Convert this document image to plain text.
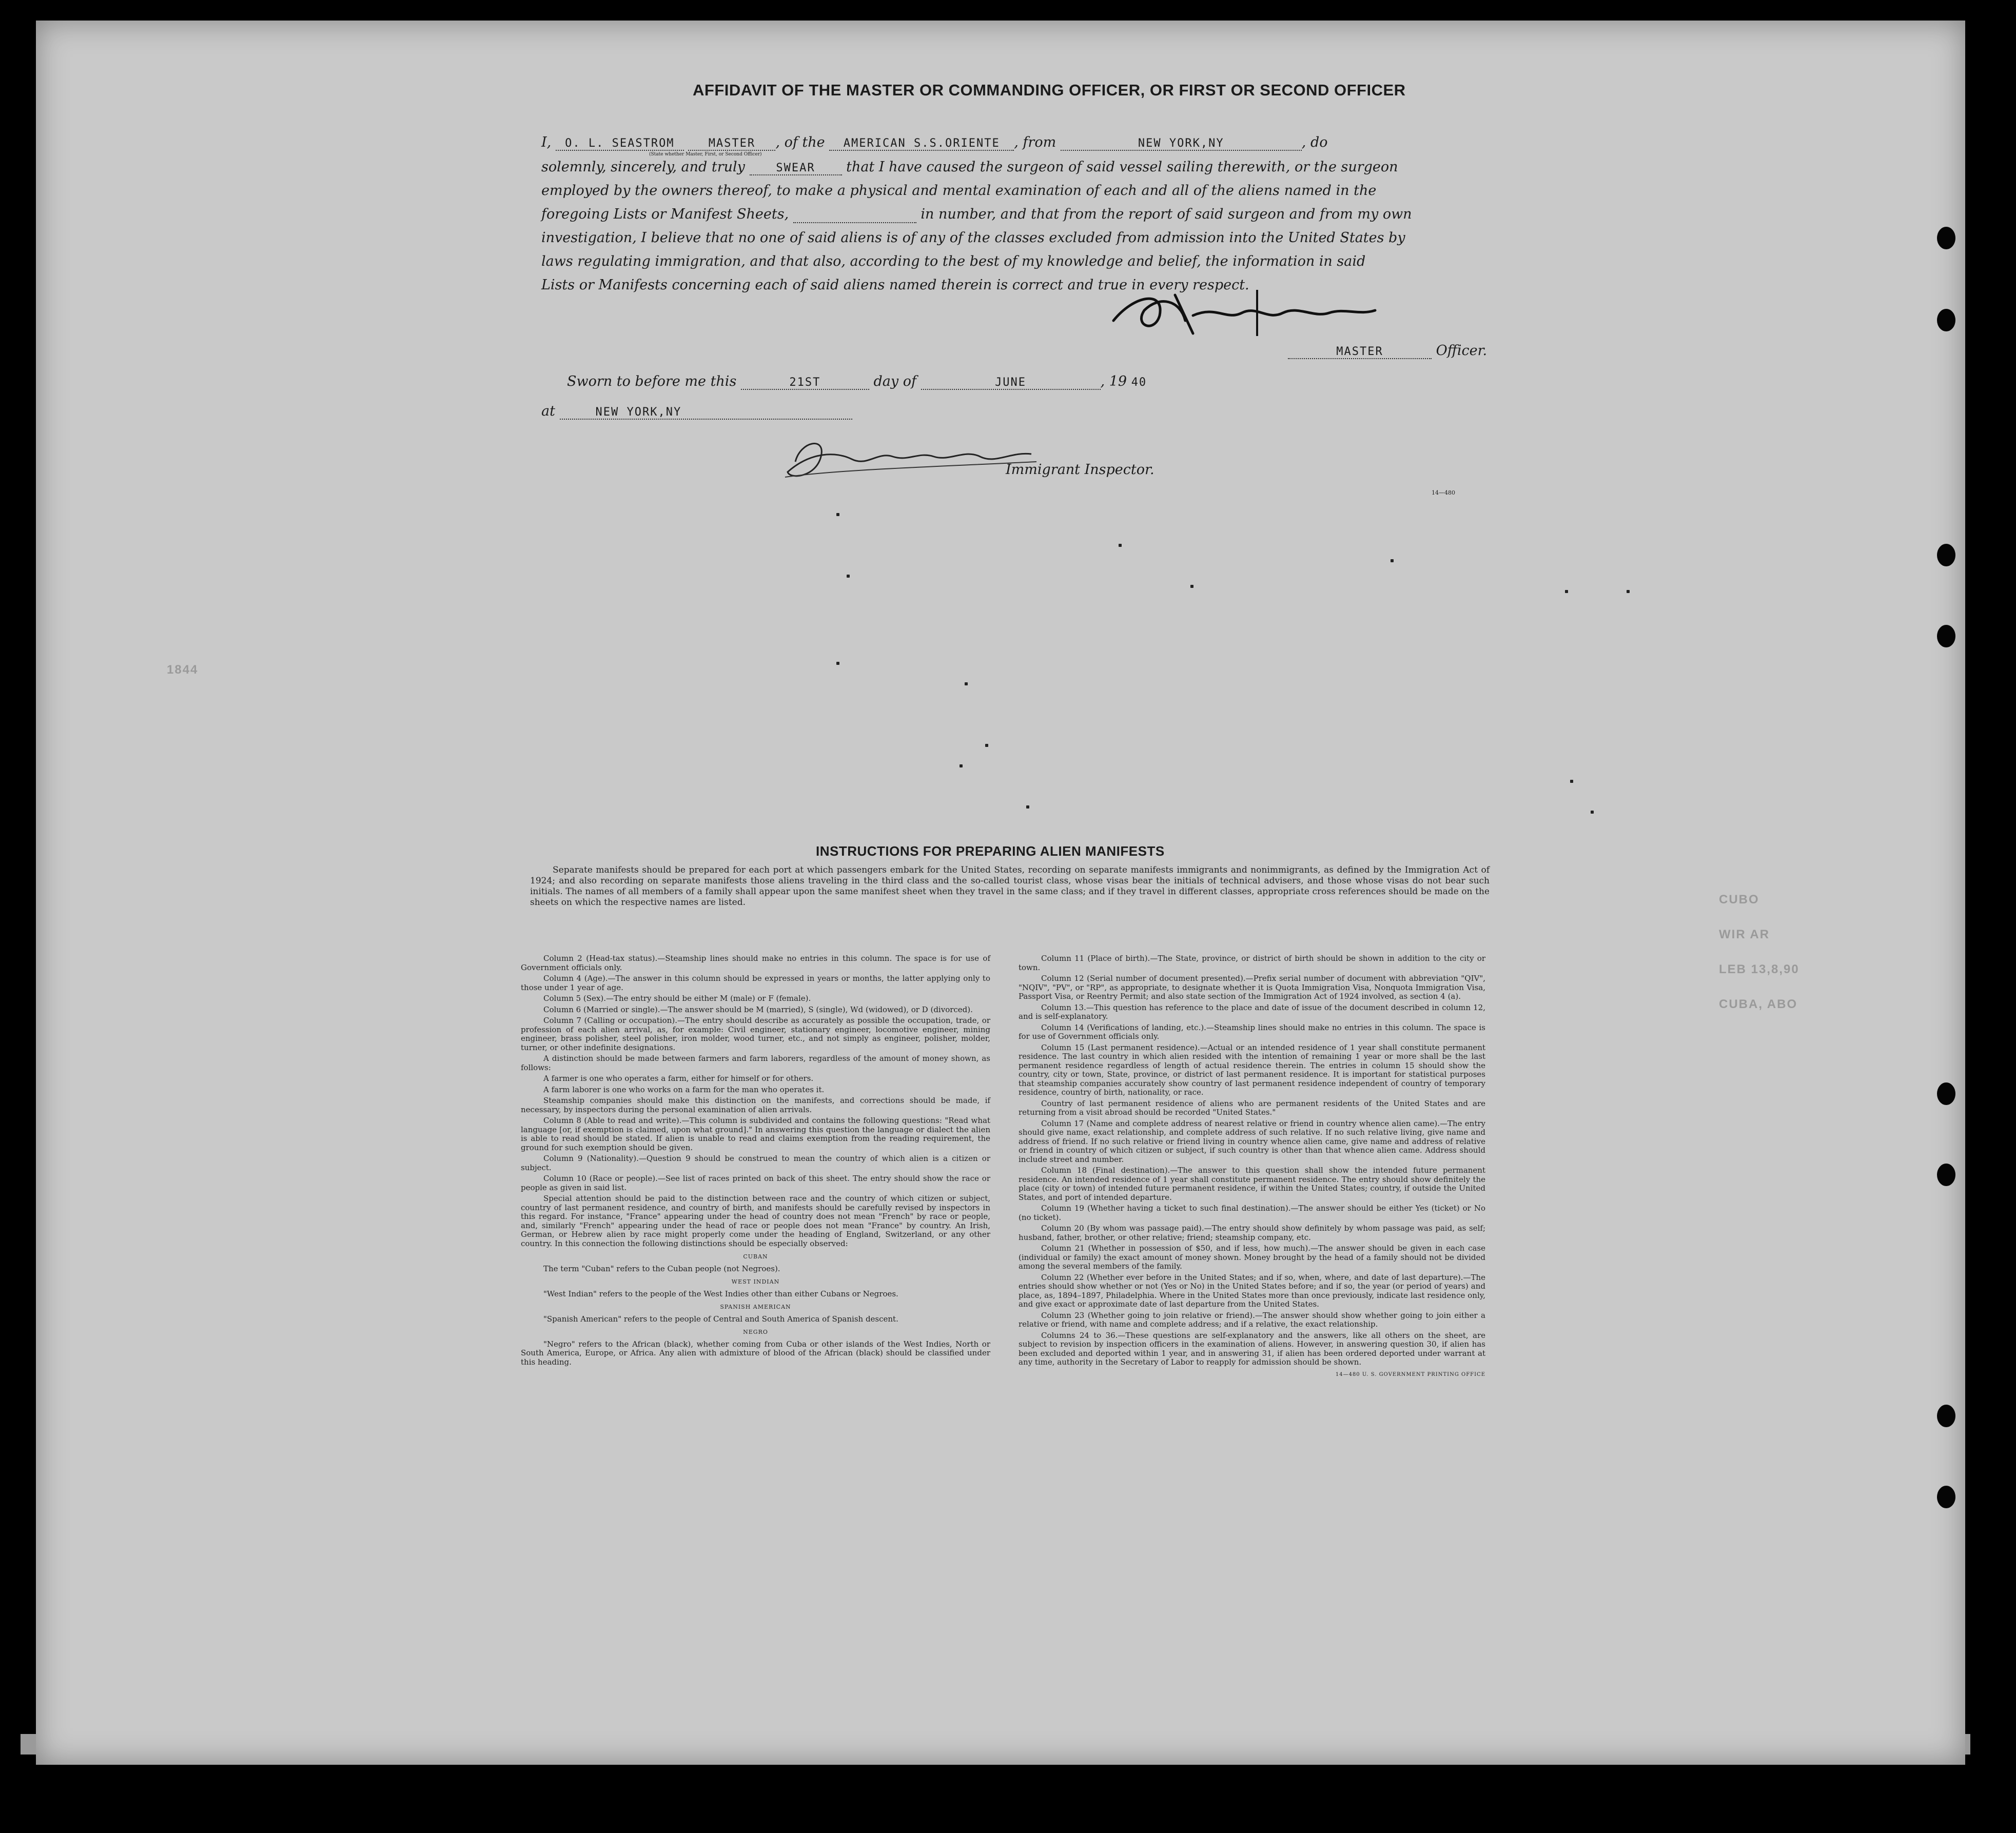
AFFIDAVIT OF THE MASTER OR COMMANDING OFFICER, OR FIRST OR SECOND OFFICER
I, O. L. SEASTROM	MASTER , of the AMERICAN S.S.ORIENTE , from	NEW YORK,NY	, do
(State whether Master, First, or Second Officer)
solemnly, sincerely, and truly	SWEAR that I have caused the surgeon of said vessel sailing therewith, or the surgeon
employed by the owners thereof, to make a physical and mental examination of each and all of the aliens named in the
foregoing Lists or Manifest Sheets,	in number, and that from the report of said surgeon and from my own
investigation, I believe that no one of said aliens is of any of the classes excluded from admission into the United States by
laws regulating immigration, and that also, according to the best of my knowledge and belief, the information in said
Lists or Manifests concerning each of said aliens named therein is correct and true in every respect.
MASTER	Officer.
Sworn to before me this	21ST	day of	JUNE	, 19 40
at	NEW YORK,NY
Immigrant Inspector.
14—480
1844
CUBO
WIR AR
LEB 13,8,90
CUBA, ABO
INSTRUCTIONS FOR PREPARING ALIEN MANIFESTS
Separate manifests should be prepared for each port at which passengers embark for the United States, recording on separate manifests immigrants and nonimmigrants, as defined by the Immigration Act of 1924; and also recording on separate manifests those aliens traveling in the third class and the so-called tourist class, whose visas bear the initials of technical advisers, and those whose visas do not bear such initials. The names of all members of a family shall appear upon the same manifest sheet when they travel in the same class; and if they travel in different classes, appropriate cross references should be made on the sheets on which the respective names are listed.

Column 2 (Head-tax status).—Steamship lines should make no entries in this column. The space is for use of Government officials only.

Column 4 (Age).—The answer in this column should be expressed in years or months, the latter applying only to those under 1 year of age.

Column 5 (Sex).—The entry should be either M (male) or F (female).

Column 6 (Married or single).—The answer should be M (married), S (single), Wd (widowed), or D (divorced).

Column 7 (Calling or occupation).—The entry should describe as accurately as possible the occupation, trade, or profession of each alien arrival, as, for example: Civil engineer, stationary engineer, locomotive engineer, mining engineer, brass polisher, steel polisher, iron molder, wood turner, etc., and not simply as engineer, polisher, molder, turner, or other indefinite designations.

A distinction should be made between farmers and farm laborers, regardless of the amount of money shown, as follows:

A farmer is one who operates a farm, either for himself or for others.

A farm laborer is one who works on a farm for the man who operates it.

Steamship companies should make this distinction on the manifests, and corrections should be made, if necessary, by inspectors during the personal examination of alien arrivals.

Column 8 (Able to read and write).—This column is subdivided and contains the following questions: "Read what language [or, if exemption is claimed, upon what ground]." In answering this question the language or dialect the alien is able to read should be stated. If alien is unable to read and claims exemption from the reading requirement, the ground for such exemption should be given.

Column 9 (Nationality).—Question 9 should be construed to mean the country of which alien is a citizen or subject.

Column 10 (Race or people).—See list of races printed on back of this sheet. The entry should show the race or people as given in said list.

Special attention should be paid to the distinction between race and the country of which citizen or subject, country of last permanent residence, and country of birth, and manifests should be carefully revised by inspectors in this regard. For instance, "France" appearing under the head of country does not mean "French" by race or people, and, similarly "French" appearing under the head of race or people does not mean "France" by country. An Irish, German, or Hebrew alien by race might properly come under the heading of England, Switzerland, or any other country. In this connection the following distinctions should be especially observed:

CUBAN

The term "Cuban" refers to the Cuban people (not Negroes).

WEST INDIAN

"West Indian" refers to the people of the West Indies other than either Cubans or Negroes.

SPANISH AMERICAN

"Spanish American" refers to the people of Central and South America of Spanish descent.

NEGRO

"Negro" refers to the African (black), whether coming from Cuba or other islands of the West Indies, North or South America, Europe, or Africa. Any alien with admixture of blood of the African (black) should be classified under this heading.

Column 11 (Place of birth).—The State, province, or district of birth should be shown in addition to the city or town.

Column 12 (Serial number of document presented).—Prefix serial number of document with abbreviation "QIV", "NQIV", "PV", or "RP", as appropriate, to designate whether it is Quota Immigration Visa, Nonquota Immigration Visa, Passport Visa, or Reentry Permit; and also state section of the Immigration Act of 1924 involved, as section 4 (a).

Column 13.—This question has reference to the place and date of issue of the document described in column 12, and is self-explanatory.

Column 14 (Verifications of landing, etc.).—Steamship lines should make no entries in this column. The space is for use of Government officials only.

Column 15 (Last permanent residence).—Actual or an intended residence of 1 year shall constitute permanent residence. The last country in which alien resided with the intention of remaining 1 year or more shall be the last permanent residence regardless of length of actual residence therein. The entries in column 15 should show the country, city or town, State, province, or district of last permanent residence. It is important for statistical purposes that steamship companies accurately show country of last permanent residence independent of country of temporary residence, country of birth, nationality, or race.

Country of last permanent residence of aliens who are permanent residents of the United States and are returning from a visit abroad should be recorded "United States."

Column 17 (Name and complete address of nearest relative or friend in country whence alien came).—The entry should give name, exact relationship, and complete address of such relative. If no such relative living, give name and address of friend. If no such relative or friend living in country whence alien came, give name and address of relative or friend in country of which citizen or subject, if such country is other than that whence alien came. Address should include street and number.

Column 18 (Final destination).—The answer to this question shall show the intended future permanent residence. An intended residence of 1 year shall constitute permanent residence. The entry should show definitely the place (city or town) of intended future permanent residence, if within the United States; country, if outside the United States, and port of intended departure.

Column 19 (Whether having a ticket to such final destination).—The answer should be either Yes (ticket) or No (no ticket).

Column 20 (By whom was passage paid).—The entry should show definitely by whom passage was paid, as self; husband, father, brother, or other relative; friend; steamship company, etc.

Column 21 (Whether in possession of $50, and if less, how much).—The answer should be given in each case (individual or family) the exact amount of money shown. Money brought by the head of a family should not be divided among the several members of the family.

Column 22 (Whether ever before in the United States; and if so, when, where, and date of last departure).—The entries should show whether or not (Yes or No) in the United States before; and if so, the year (or period of years) and place, as, 1894–1897, Philadelphia. Where in the United States more than once previously, indicate last residence only, and give exact or approximate date of last departure from the United States.

Column 23 (Whether going to join relative or friend).—The answer should show whether going to join either a relative or friend, with name and complete address; and if a relative, the exact relationship.

Columns 24 to 36.—These questions are self-explanatory and the answers, like all others on the sheet, are subject to revision by inspection officers in the examination of aliens. However, in answering question 30, if alien has been excluded and deported within 1 year, and in answering 31, if alien has been ordered deported under warrant at any time, authority in the Secretary of Labor to reapply for admission should be shown.

14—480 U. S. GOVERNMENT PRINTING OFFICE
